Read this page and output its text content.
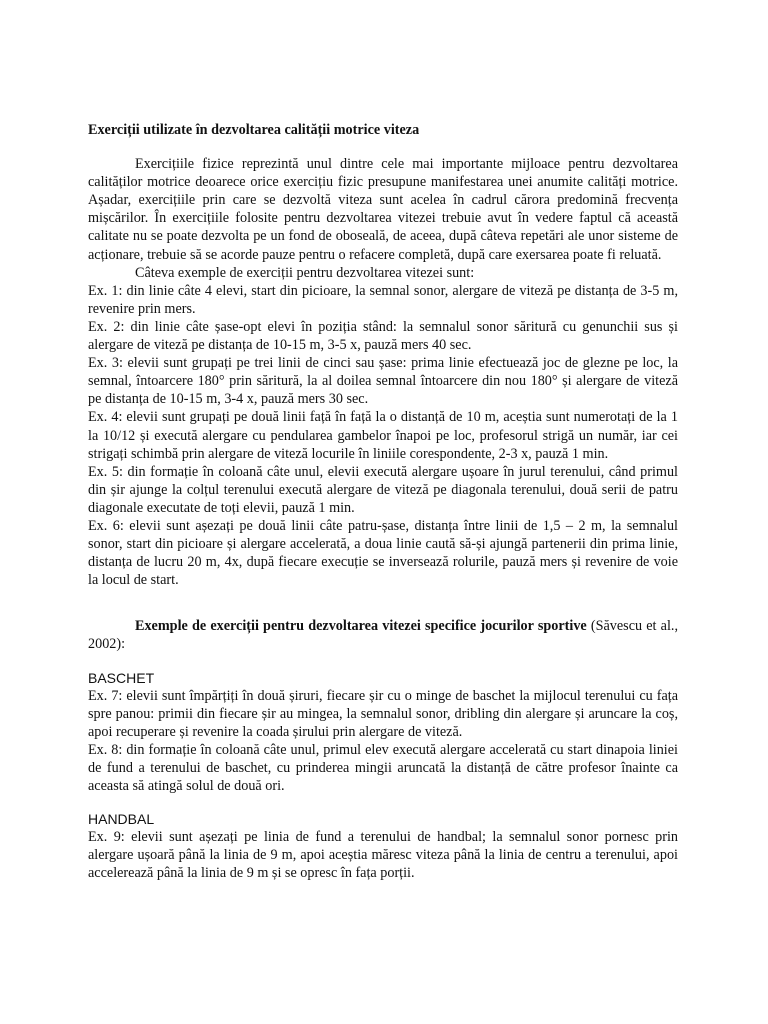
Exerciții utilizate în dezvoltarea calității motrice viteza

Exercițiile fizice reprezintă unul dintre cele mai importante mijloace pentru dezvoltarea calităților motrice deoarece orice exercițiu fizic presupune manifestarea unei anumite calități motrice. Așadar, exercițiile prin care se dezvoltă viteza sunt acelea în cadrul cărora predomină frecvența mișcărilor. În exercițiile folosite pentru dezvoltarea vitezei trebuie avut în vedere faptul că această calitate nu se poate dezvolta pe un fond de oboseală, de aceea, după câteva repetări ale unor sisteme de acționare, trebuie să se acorde pauze pentru o refacere completă, după care exersarea poate fi reluată.

Câteva exemple de exerciții pentru dezvoltarea vitezei sunt:

Ex. 1: din linie câte 4 elevi, start din picioare, la semnal sonor, alergare de viteză pe distanța de 3-5 m, revenire prin mers.

Ex. 2: din linie câte șase-opt elevi în poziția stând: la semnalul sonor săritură cu genunchii sus și alergare de viteză pe distanța de 10-15 m, 3-5 x, pauză mers 40 sec.

Ex. 3: elevii sunt grupați pe trei linii de cinci sau șase: prima linie efectuează joc de glezne pe loc, la semnal, întoarcere 180° prin săritură, la al doilea semnal întoarcere din nou 180° și alergare de viteză pe distanța de 10-15 m, 3-4 x, pauză mers 30 sec.

Ex. 4: elevii sunt grupați pe două linii față în față la o distanță de 10 m, aceștia sunt numerotați de la 1 la 10/12 și execută alergare cu pendularea gambelor înapoi pe loc, profesorul strigă un număr, iar cei strigați schimbă prin alergare de viteză locurile în liniile corespondente, 2-3 x, pauză 1 min.

Ex. 5: din formație în coloană câte unul, elevii execută alergare ușoare în jurul terenului, când primul din șir ajunge la colțul terenului execută alergare de viteză pe diagonala terenului, două serii de patru diagonale executate de toți elevii, pauză 1 min.

Ex. 6: elevii sunt așezați pe două linii câte patru-șase, distanța între linii de 1,5 – 2 m, la semnalul sonor, start din picioare și alergare accelerată, a doua linie caută să-și ajungă partenerii din prima linie, distanța de lucru 20 m, 4x, după fiecare execuție se inversează rolurile, pauză mers și revenire de voie la locul de start.

Exemple de exerciții pentru dezvoltarea vitezei specifice jocurilor sportive (Săvescu et al., 2002):

BASCHET

Ex. 7: elevii sunt împărțiți în două șiruri, fiecare șir cu o minge de baschet la mijlocul terenului cu fața spre panou: primii din fiecare șir au mingea, la semnalul sonor, dribling din alergare și aruncare la coș, apoi recuperare și revenire la coada șirului prin alergare de viteză.

Ex. 8: din formație în coloană câte unul, primul elev execută alergare accelerată cu start dinapoia liniei de fund a terenului de baschet, cu prinderea mingii aruncată la distanță de către profesor înainte ca aceasta să atingă solul de două ori.

HANDBAL

Ex. 9: elevii sunt așezați pe linia de fund a terenului de handbal; la semnalul sonor pornesc prin alergare ușoară până la linia de 9 m, apoi aceștia măresc viteza până la linia de centru a terenului, apoi accelerează până la linia de 9 m și se opresc în fața porții.
